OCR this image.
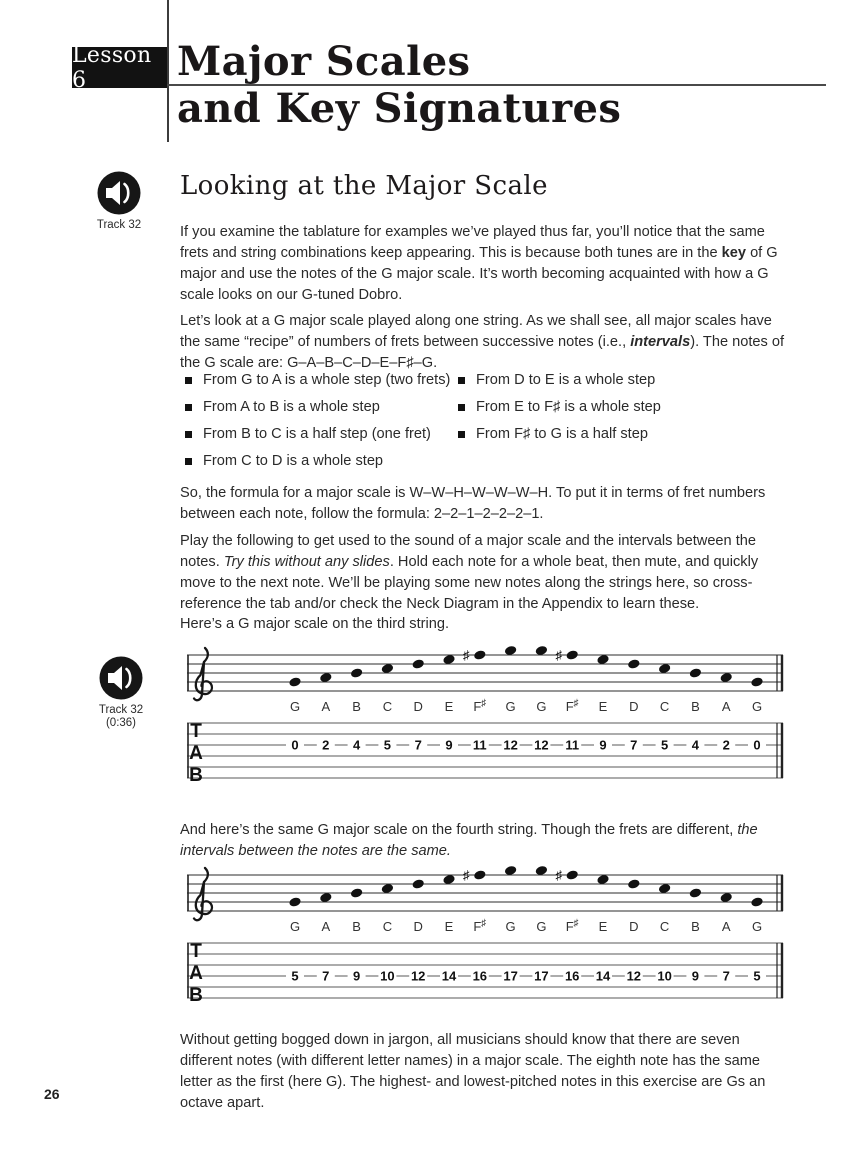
Lesson 6	Major Scales
and Key Signatures
Track 32
Looking at the Major Scale
If you examine the tablature for examples we’ve played thus far, you’ll notice that the same frets and string combinations keep appearing. This is because both tunes are in the key of G major and use the notes of the G major scale. It’s worth becoming acquainted with how a G scale looks on our G-tuned Dobro.
Let’s look at a G major scale played along one string. As we shall see, all major scales have the same “recipe” of numbers of frets between successive notes (i.e., intervals). The notes of the G scale are: G–A–B–C–D–E–F♯–G.
From G to A is a whole step (two frets)
From A to B is a whole step
From B to C is a half step (one fret)
From C to D is a whole step
From D to E is a whole step
From E to F♯ is a whole step
From F♯ to G is a half step
So, the formula for a major scale is W–W–H–W–W–W–H. To put it in terms of fret numbers between each note, follow the formula: 2–2–1–2–2–2–1.
Play the following to get used to the sound of a major scale and the intervals between the notes. Try this without any slides. Hold each note for a whole beat, then mute, and quickly move to the next note. We’ll be playing some new notes along the strings here, so cross-reference the tab and/or check the Neck Diagram in the Appendix to learn these.
Here’s a G major scale on the third string.
Track 32
(0:36)
G
0
A
2
B
4
C
5
D
7
E
9
♯
F♯
11
G
12
G
12
♯
F♯
11
E
9
D
7
C
5
B
4
A
2
G
0
T
A
B
And here’s the same G major scale on the fourth string. Though the frets are different, the intervals between the notes are the same.
G
5
A
7
B
9
C
10
D
12
E
14
♯
F♯
16
G
17
G
17
♯
F♯
16
E
14
D
12
C
10
B
9
A
7
G
5
T
A
B
Without getting bogged down in jargon, all musicians should know that there are seven different notes (with different letter names) in a major scale. The eighth note has the same letter as the first (here G). The highest- and lowest-pitched notes in this exercise are Gs an octave apart.
26
